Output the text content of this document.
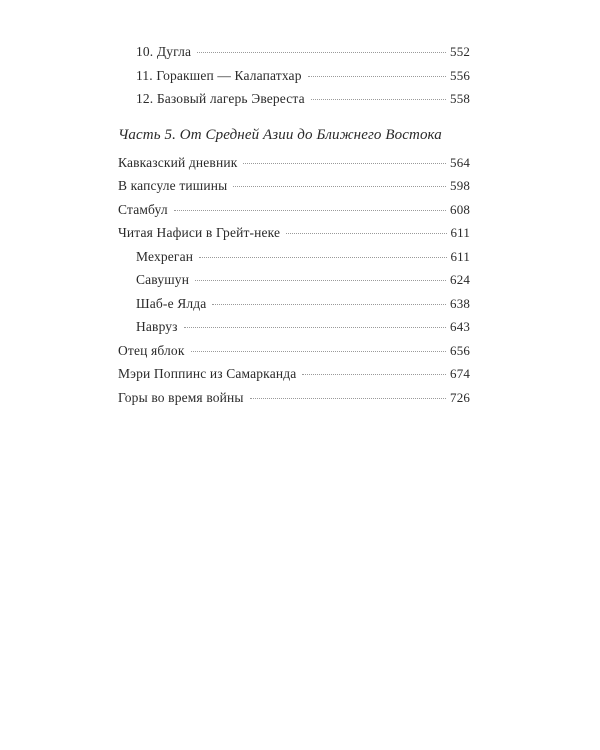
10. Дугла	552
11. Горакшеп — Калапатхар	556
12. Базовый лагерь Эвереста	558
Часть 5. От Средней Азии до Ближнего Востока
Кавказский дневник	564
В капсуле тишины	598
Стамбул	608
Читая Нафиси в Грейт-неке	611
Мехреган	611
Савушун	624
Шаб-е Ялда	638
Навруз	643
Отец яблок	656
Мэри Поппинс из Самарканда	674
Горы во время войны	726
